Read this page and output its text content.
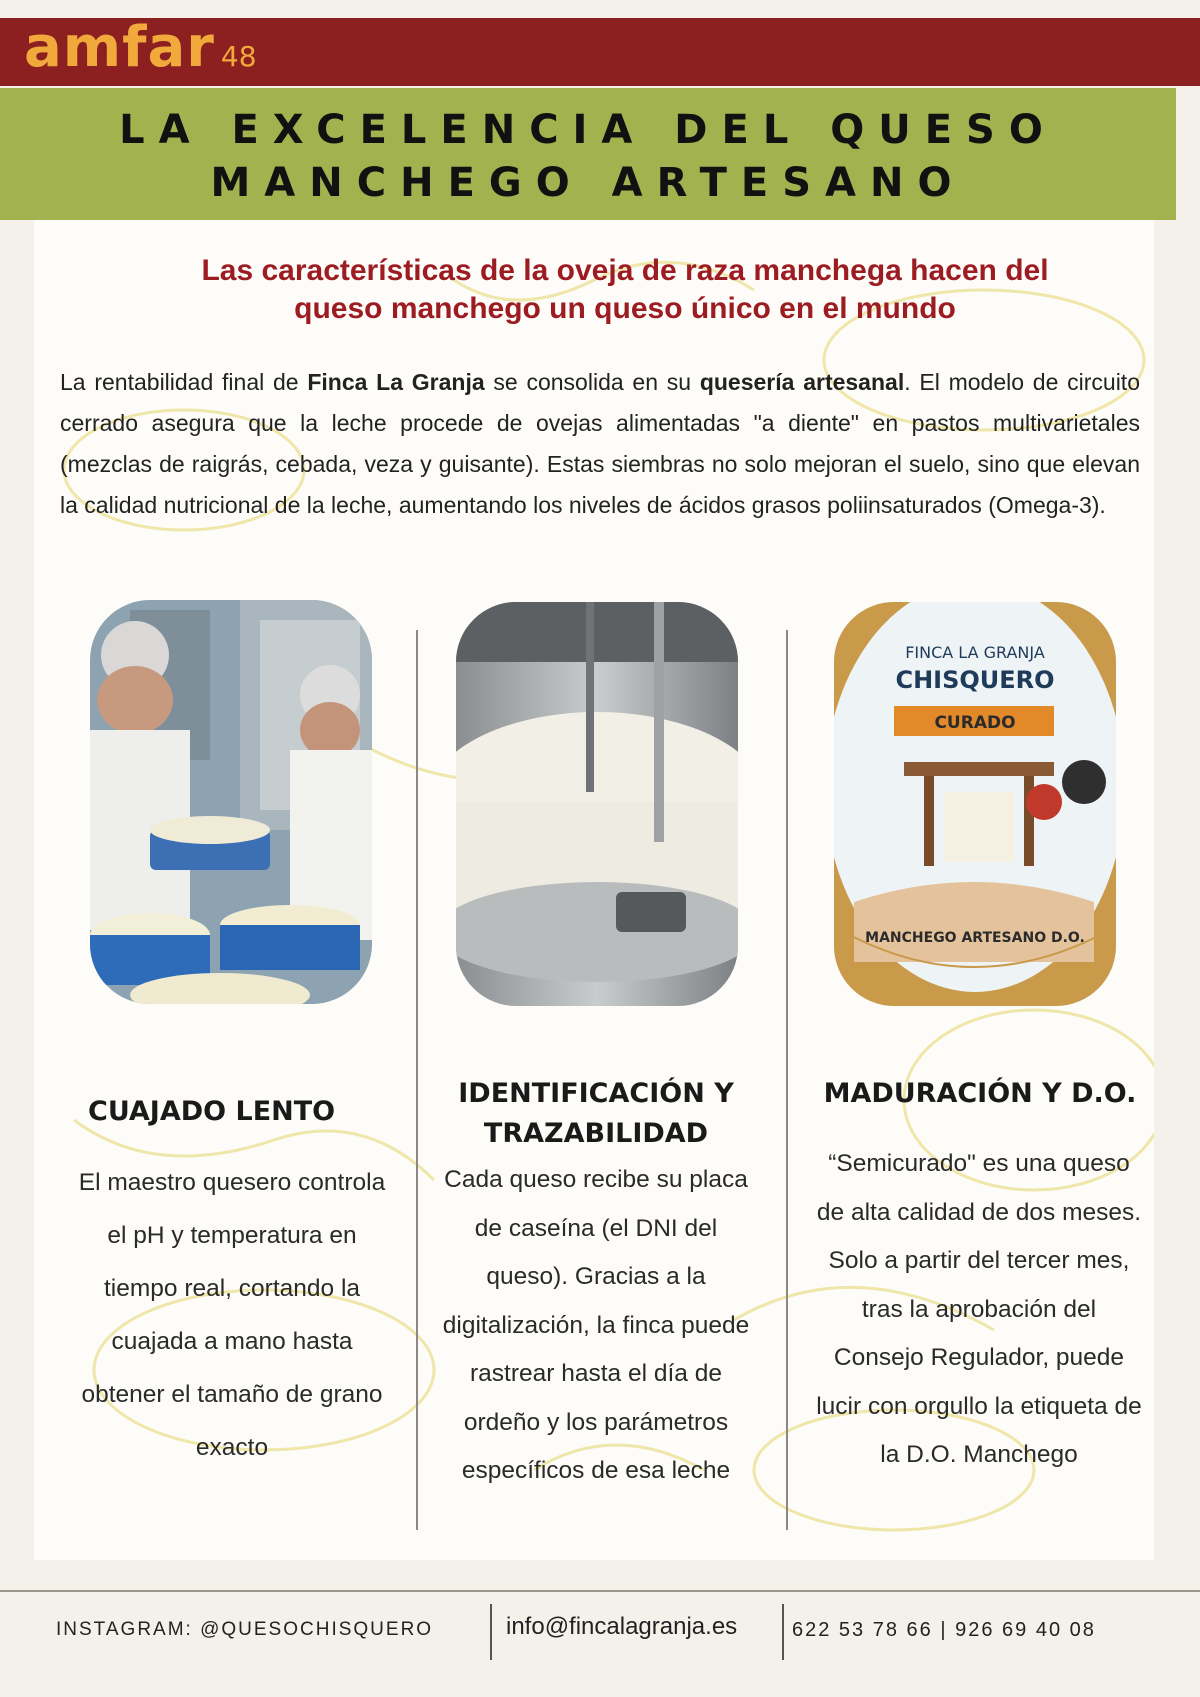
amfar 48
LA EXCELENCIA DEL QUESO
MANCHEGO ARTESANO
Las características de la oveja de raza manchega hacen del
queso manchego un queso único en el mundo

La rentabilidad final de Finca La Granja se consolida en su quesería artesanal. El modelo de circuito cerrado asegura que la leche procede de ovejas alimentadas "a diente" en pastos multivarietales (mezclas de raigrás, cebada, veza y guisante). Estas siembras no solo mejoran el suelo, sino que elevan la calidad nutricional de la leche, aumentando los niveles de ácidos grasos poliinsaturados (Omega-3).

CURADO
FINCA LA GRANJA
CHISQUERO
MANCHEGO ARTESANO D.O.
CUAJADO LENTO

El maestro quesero controla el pH y temperatura en tiempo real, cortando la cuajada a mano hasta obtener el tamaño de grano exacto

IDENTIFICACIÓN Y TRAZABILIDAD

Cada queso recibe su placa de caseína (el DNI del queso). Gracias a la digitalización, la finca puede rastrear hasta el día de ordeño y los parámetros específicos de esa leche

MADURACIÓN Y D.O.

“Semicurado" es una queso de alta calidad de dos meses. Solo a partir del tercer mes, tras la aprobación del Consejo Regulador, puede lucir con orgullo la etiqueta de la D.O. Manchego

INSTAGRAM: @QUESOCHISQUERO	info@fincalagranja.es	622 53 78 66 | 926 69 40 08
